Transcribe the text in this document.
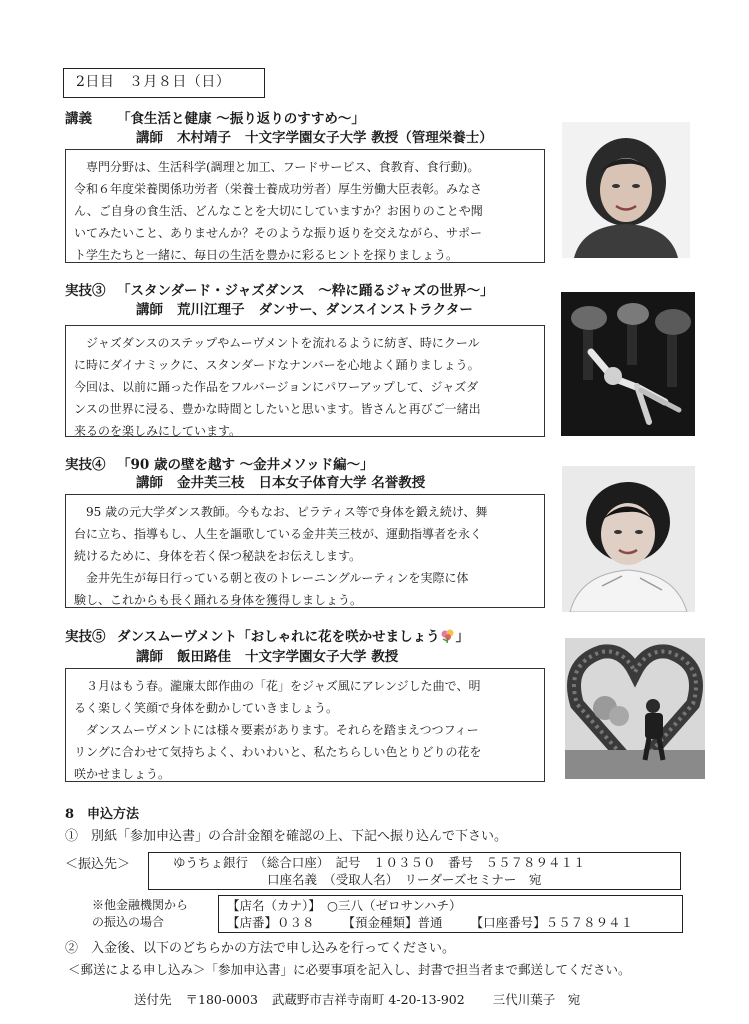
2日目　３月８日（日）
講義 「食生活と健康 ～振り返りのすすめ～」
講師 木村靖子 十文字学園女子大学 教授（管理栄養士）

専門分野は、生活科学(調理と加工、フードサービス、食教育、食行動)。

令和６年度栄養関係功労者（栄養士養成功労者）厚生労働大臣表彰。みなさ

ん、ご自身の食生活、どんなことを大切にしていますか？お困りのことや聞

いてみたいこと、ありませんか？そのような振り返りを交えながら、サポー

ト学生たちと一緒に、毎日の生活を豊かに彩るヒントを探りましょう。

実技③ 「スタンダード・ジャズダンス　～粋に踊るジャズの世界～」
講師 荒川江理子 ダンサー、ダンスインストラクター

ジャズダンスのステップやムーヴメントを流れるように紡ぎ、時にクール

に時にダイナミックに、スタンダードなナンバーを心地よく踊りましょう。

今回は、以前に踊った作品をフルバージョンにパワーアップして、ジャズダ

ンスの世界に浸る、豊かな時間としたいと思います。皆さんと再びご一緒出

来るのを楽しみにしています。

実技④ 「90 歳の壁を越す ～金井メソッド編～」
講師 金井芙三枝 日本女子体育大学 名誉教授

95 歳の元大学ダンス教師。今もなお、ピラティス等で身体を鍛え続け、舞

台に立ち、指導もし、人生を謳歌している金井芙三枝が、運動指導者を永く

続けるために、身体を若く保つ秘訣をお伝えします。

金井先生が毎日行っている朝と夜のトレーニングルーティンを実際に体

験し、これからも長く踊れる身体を獲得しましょう。

実技⑤ ダンスムーヴメント「おしゃれに花を咲かせましょう 」
講師 飯田路佳 十文字学園女子大学 教授

３月はもう春。瀧廉太郎作曲の「花」をジャズ風にアレンジした曲で、明

るく楽しく笑顔で身体を動かしていきましょう。

ダンスムーヴメントには様々要素があります。それらを踏まえつつフィー

リングに合わせて気持ちよく、わいわいと、私たちらしい色とりどりの花を

咲かせましょう。

8　申込方法
①　別紙「参加申込書」の合計金額を確認の上、下記へ振り込んで下さい。
＜振込先＞	ゆうちょ銀行　（総合口座）　記号　１０３５０　番号　５５７８９４１１
口座名義　（受取人名）　リーダーズセミナー　宛
※他金融機関から
の振込の場合
【店名（カナ）】　 ○三八（ゼロサンハチ）
【店番】０３８ 【預金種類】普通 【口座番号】５５７８９４１
②　入金後、以下のどちらかの方法で申し込みを行ってください。
＜郵送による申し込み＞「参加申込書」に必要事項を記入し、封書で担当者まで郵送してください。
送付先 〒180-0003 武蔵野市吉祥寺南町 4-20-13-902 三代川葉子　宛
